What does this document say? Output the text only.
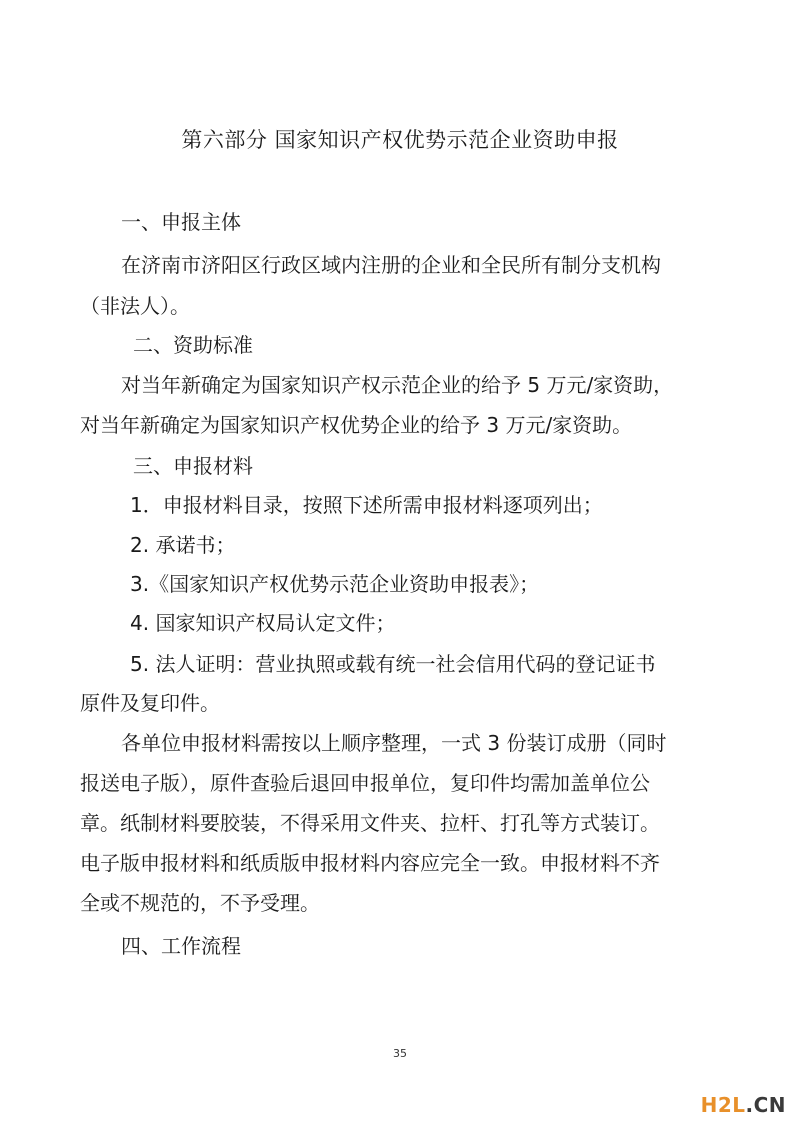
第六部分 国家知识产权优势示范企业资助申报
一、申报主体
在济南市济阳区行政区域内注册的企业和全民所有制分支机构
（非法人）。
二、资助标准
对当年新确定为国家知识产权示范企业的给予 5 万元/家资助，
对当年新确定为国家知识产权优势企业的给予 3 万元/家资助。
三、申报材料
1．申报材料目录，按照下述所需申报材料逐项列出；
2. 承诺书；
3.《国家知识产权优势示范企业资助申报表》；
4. 国家知识产权局认定文件；
5. 法人证明：营业执照或载有统一社会信用代码的登记证书
原件及复印件。
各单位申报材料需按以上顺序整理，一式 3 份装订成册（同时
报送电子版），原件查验后退回申报单位，复印件均需加盖单位公
章。纸制材料要胶装，不得采用文件夹、拉杆、打孔等方式装订。
电子版申报材料和纸质版申报材料内容应完全一致。申报材料不齐
全或不规范的，不予受理。
四、工作流程
35
H2L.CN
